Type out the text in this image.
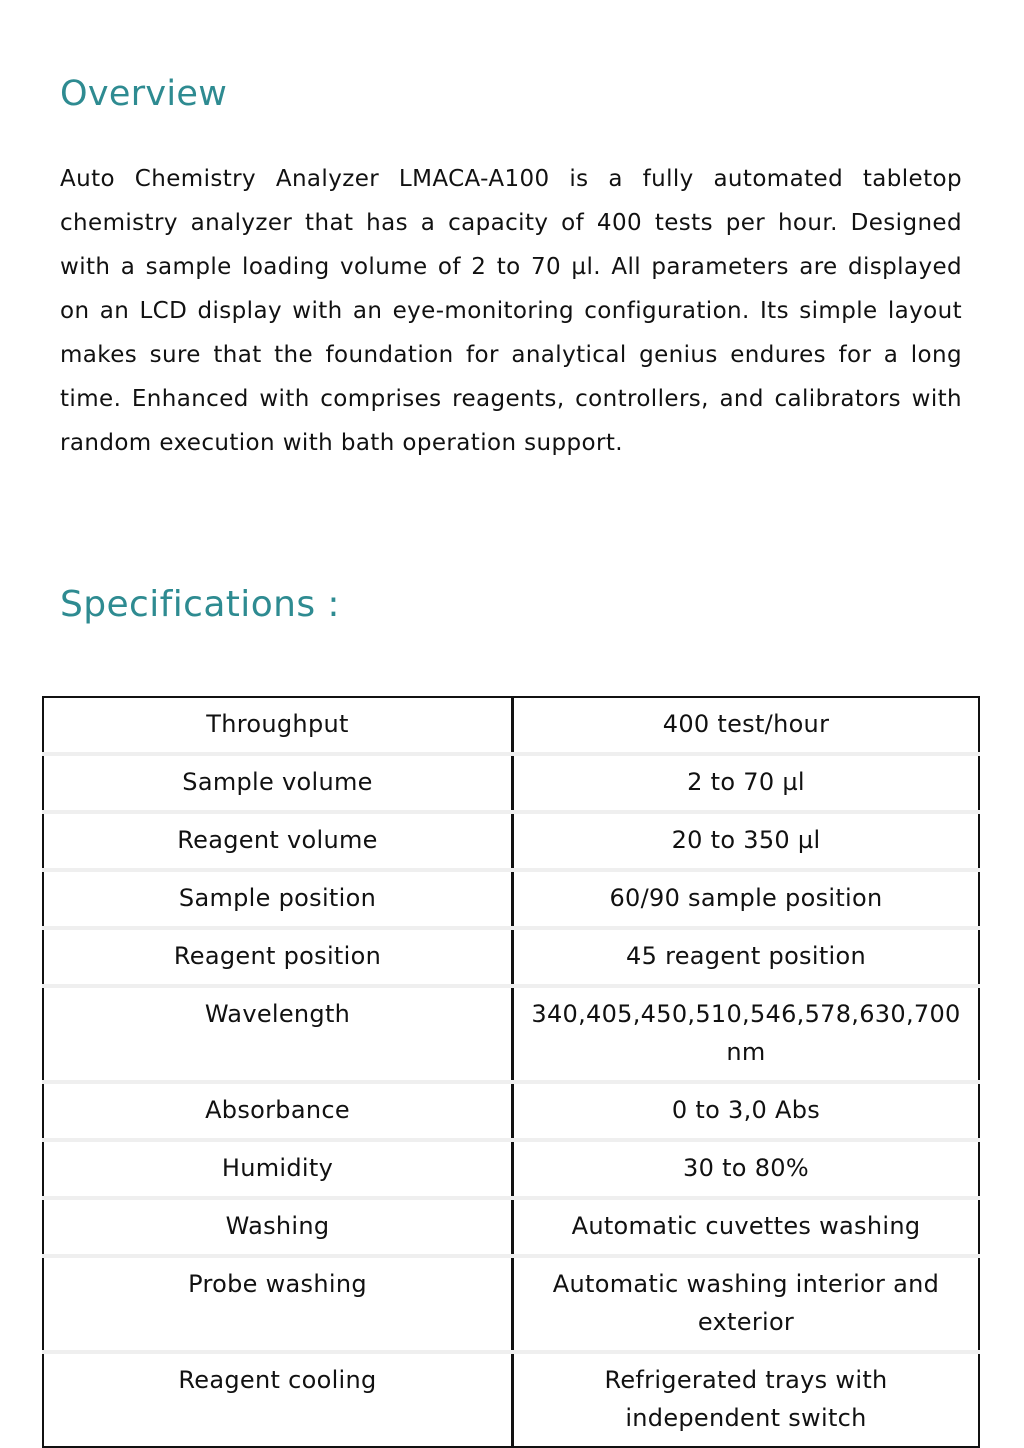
Overview

Auto Chemistry Analyzer LMACA-A100 is a fully automated tabletop chemistry analyzer that has a capacity of 400 tests per hour. Designed with a sample loading volume of 2 to 70 µl. All parameters are displayed on an LCD display with an eye-monitoring configuration. Its simple layout makes sure that the foundation for analytical genius endures for a long time. Enhanced with comprises reagents, controllers, and calibrators with random execution with bath operation support.

Specifications :
Throughput	400 test/hour
Sample volume	2 to 70 µl
Reagent volume	20 to 350 µl
Sample position	60/90 sample position
Reagent position	45 reagent position
Wavelength	340,405,450,510,546,578,630,700 nm
Absorbance	0 to 3,0 Abs
Humidity	30 to 80%
Washing	Automatic cuvettes washing
Probe washing	Automatic washing interior and exterior
Reagent cooling	Refrigerated trays with independent switch
